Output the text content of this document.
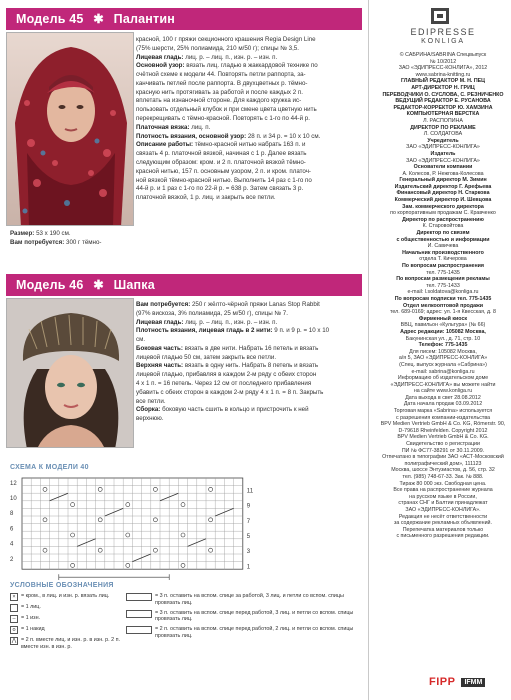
Модель 45 ✱ Палантин
Размер: 53 х 190 см.
Вам потребуется: 300 г тёмно-

красной, 100 г пряжи секционного крашения Regia Design Line

(75% шерсти, 25% полиамида, 210 м/50 г); спицы № 3,5.

Лицевая гладь: лиц. р. – лиц. п., изн. р. – изн. п.

Основной узор: вязать лиц. гладью в жаккардовой технике по

счётной схеме к модели 44. Повторять петли раппорта, за-

канчивать петлей после раппорта. В двухцветных р. тёмно-

красную нить протягивать за работой и после каждых 2 п.

вплетать на изнаночной стороне. Для каждого кружка ис-

пользовать отдельный клубок и при смене цвета цветную нить

перекрещивать с тёмно-красной. Повторять с 1-го по 44-й р.

Платочная вязка: лиц. п.

Плотность вязания, основной узор: 28 п. и 34 р. = 10 х 10 см.

Описание работы: тёмно-красной нитью набрать 163 п. и

связать 4 р. платочной вязкой, начиная с 1 р. Далее вязать

следующим образом: кром. и 2 п. платочной вязкой тёмно-

красной нитью, 157 п. основным узором, 2 п. и кром. платоч-

ной вязкой тёмно-красной нитью. Выполнить 14 раз с 1-го по

44-й р. и 1 раз с 1-го по 22-й р. = 638 р. Затем связать 3 р.

платочной вязкой, 1 р. лиц. и закрыть все петли.

Модель 46 ✱ Шапка

Вам потребуется: 250 г жёлто-чёрной пряжи Lanas Stop Rabbit

(97% вискоза, 3% полиамида, 25 м/50 г), спицы № 7.

Лицевая гладь: лиц. р. – лиц. п., изн. р. – изн. п.

Плотность вязания, лицевая гладь в 2 нити: 9 п. и 9 р. = 10 х 10

см.

Боковая часть: вязать в две нити. Набрать 16 петель и вязать

лицевой гладью 50 см, затем закрыть все петли.

Верхняя часть: вязать в одну нить. Набрать 8 петель и вязать

лицевой гладью, прибавляя в каждом 2-м ряду с обеих сторон

4 х 1 п. = 16 петель. Через 12 см от последнего прибавления

убавить с обеих сторон в каждом 2-м ряду 4 х 1 п. = 8 п. Закрыть

все петли.

Сборка: боковую часть сшить в кольцо и пристрочить к ней

верхнюю.

СХЕМА К МОДЕЛИ 40
12
10
8
6
4
2
11
9
7
5
3
1
УСЛОВНЫЕ ОБОЗНАЧЕНИЯ
× = кром., в лиц. и изн. р. вязать лиц.
= 1 лиц.
–	= 1 изн.
o	= 1 накид
⋀ = 2 п. вместе лиц. и изн. р. в изн. р. 2 п. вместе изн. в изн. р.
= 3 п. оставить на вспом. спице за работой, 3 лиц. и петли со вспом. спицы провязать лиц.
= 3 п. оставить на вспом. спице перед работой, 3 лиц. и петли со вспом. спицы провязать лиц.
= 2 п. оставить на вспом. спице перед работой, 2 лиц. и петли со вспом. спицы провязать лиц.
EDIPRESSE
KONLIGA
© САБРИНА/SABRINA Спецвыпуск
№ 10/2012
ЗАО «ЭДИПРЕСС-КОНЛИГА», 2012
www.sabrina-knitting.ru
ГЛАВНЫЙ РЕДАКТОР М. Н. ПЕЦ
АРТ-ДИРЕКТОР Н. ГРИЦ
ПЕРЕВОДЧИКИ О. СУСЛОВА, С. РЕЗНИЧЕНКО
ВЕДУЩИЙ РЕДАКТОР Е. РУСАНОВА
РЕДАКТОР-КОРРЕКТОР Ю. ХАМЗИНА
КОМПЬЮТЕРНАЯ ВЕРСТКА
Л. РАСПОПИНА
ДИРЕКТОР ПО РЕКЛАМЕ
Л. СОЛДАТОВА
Учредитель
ЗАО «ЭДИПРЕСС-КОНЛИГА»
Издатель
ЗАО «ЭДИПРЕСС-КОНЛИГА»
Основатели компании
А. Колесов, Р. Нежгова-Колесова
Генеральный директор М. Зимин
Издательский директор Г. Арефьева
Финансовый директор Н. Старкова
Коммерческий директор И. Шевцова
Зам. коммерческого директора
по корпоративным продажам С. Кравченко
Директор по распространению
К. Старовойтова
Директор по связям
с общественностью и информации
И. Савичева
Начальник производственного
отдела Т. Кичерова
По вопросам распространения
тел. 775-1435
По вопросам размещения рекламы
тел. 775-1433
e-mail: l.soldatova@konliga.ru
По вопросам подписки тел. 775-1435
Отдел мелкооптовой продажи
тел. 689-0169; адрес: ул. 1-я Квесская, д. 8
Фирменный киоск
ВВЦ, павильон «Культура» (№ 66)
Адрес редакции: 105082 Москва,
Бакунинская ул., д. 71, стр. 10
Телефон: 775-1435
Для писем: 105082 Москва,
а/я 5, ЗАО «ЭДИПРЕСС-КОНЛИГА»
(Спец. выпуск журнала «Сабрина»)
e-mail: sabrina@konliga.ru
Информацию об издательском доме
«ЭДИПРЕСС-КОНЛИГА» вы можете найти
на сайте www.konliga.ru
Дата выхода в свет 28.08.2012
Дата начала продаж 03.09.2012
Торговая марка «Sabrina» используется
с разрешения компании-издательства
BPV Medien Vertrieb GmbH & Co. KG, Römerstr. 90,
D-79618 Rheinfelden. Copyright 2012
BPV Medien Vertrieb GmbH & Co. KG.
Свидетельство о регистрации
ПИ № ФС77-38291 от 30.11.2009.
Отпечатано в типографии ЗАО «АСТ-Московский
полиграфический дом», 111123
Москва, шоссе Энтузиастов, д. 56, стр. 32
тел. (985) 748-67-33. Зак. № 888.
Тираж 80 000 экз. Свободная цена.
Все права на распространение журнала
на русском языке в России,
странах СНГ и Балтии принадлежат
ЗАО «ЭДИПРЕСС-КОНЛИГА».
Редакция не несёт ответственности
за содержание рекламных объявлений.
Перепечатка материалов только
с письменного разрешения редакции.
FIPP	IFMM
